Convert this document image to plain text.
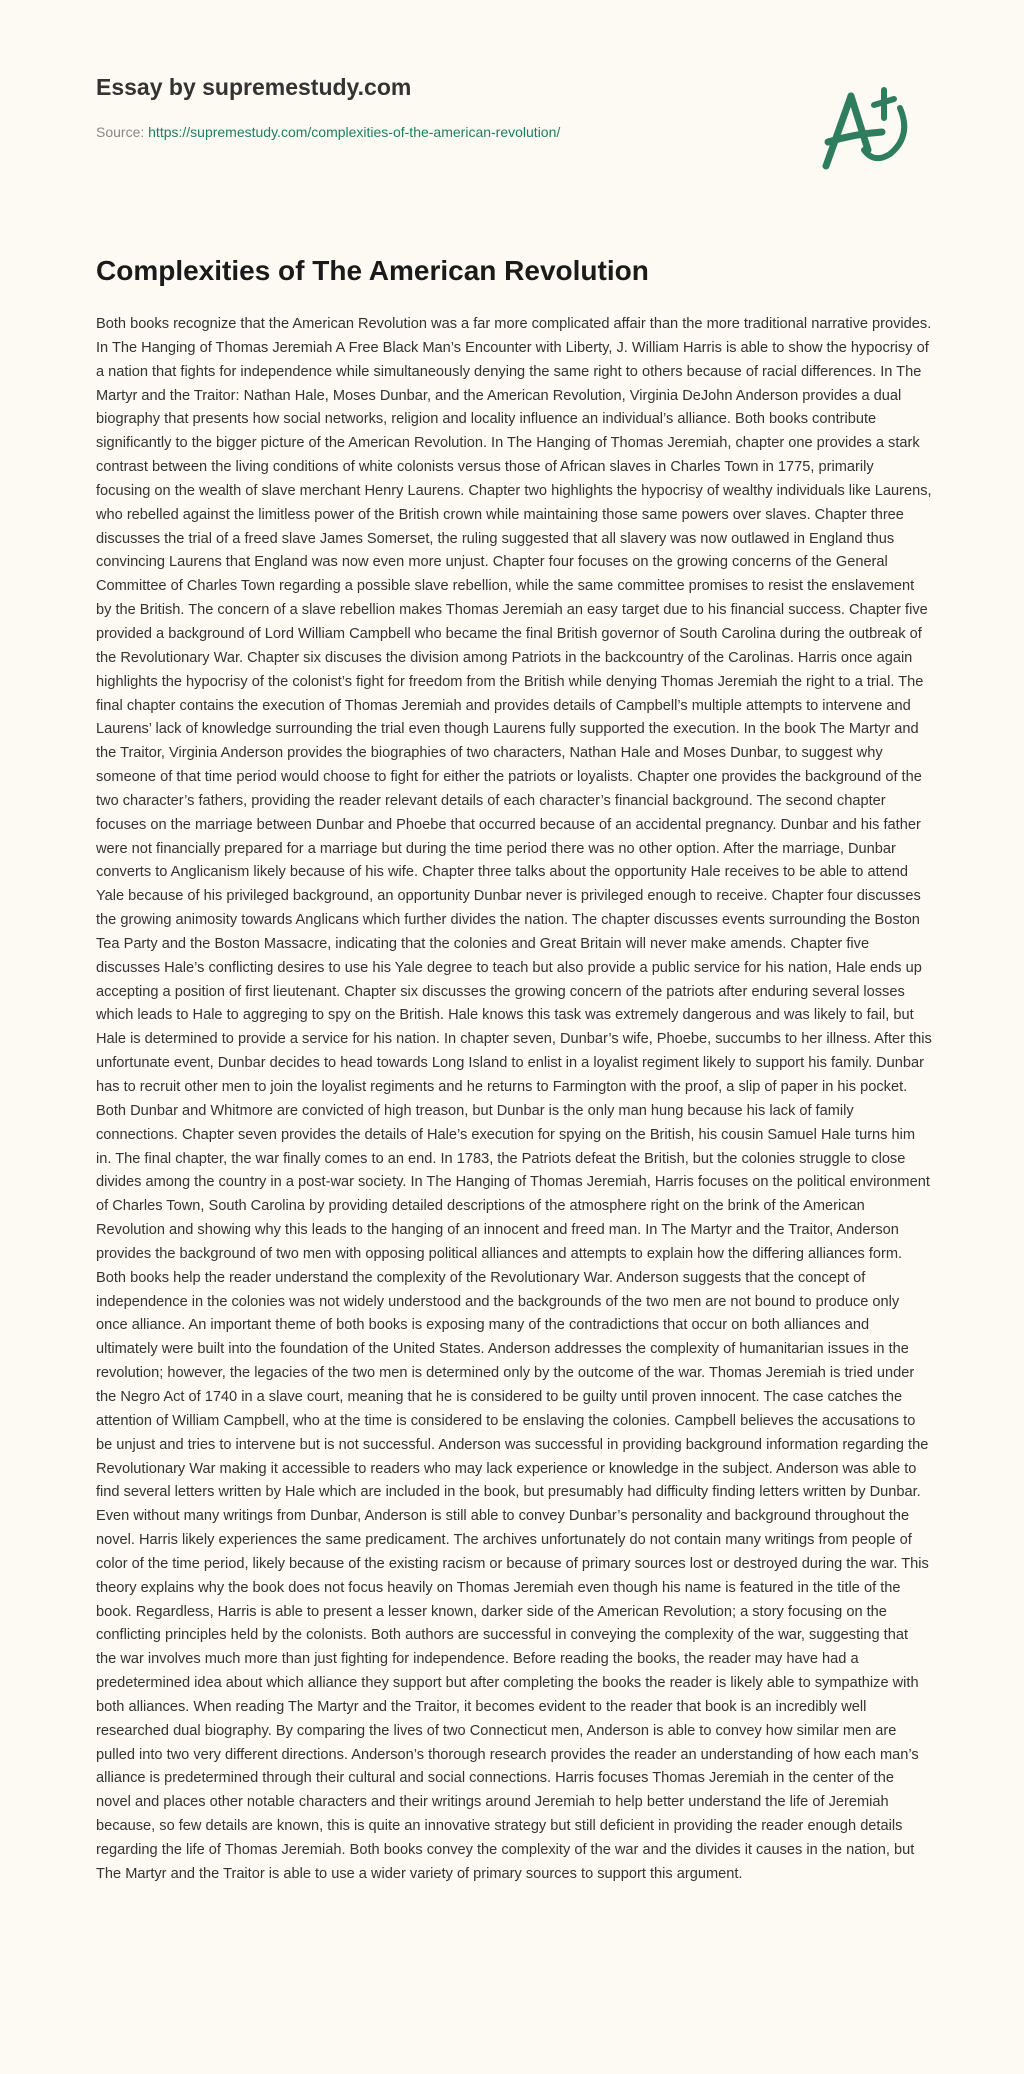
Essay by supremestudy.com
Source: https://supremestudy.com/complexities-of-the-american-revolution/
Complexities of The American Revolution

Both books recognize that the American Revolution was a far more complicated affair than the more traditional narrative provides. In The Hanging of Thomas Jeremiah A Free Black Man’s Encounter with Liberty, J. William Harris is able to show the hypocrisy of a nation that fights for independence while simultaneously denying the same right to others because of racial differences. In The Martyr and the Traitor: Nathan Hale, Moses Dunbar, and the American Revolution, Virginia DeJohn Anderson provides a dual biography that presents how social networks, religion and locality influence an individual’s alliance. Both books contribute significantly to the bigger picture of the American Revolution. In The Hanging of Thomas Jeremiah, chapter one provides a stark contrast between the living conditions of white colonists versus those of African slaves in Charles Town in 1775, primarily focusing on the wealth of slave merchant Henry Laurens. Chapter two highlights the hypocrisy of wealthy individuals like Laurens, who rebelled against the limitless power of the British crown while maintaining those same powers over slaves. Chapter three discusses the trial of a freed slave James Somerset, the ruling suggested that all slavery was now outlawed in England thus convincing Laurens that England was now even more unjust. Chapter four focuses on the growing concerns of the General Committee of Charles Town regarding a possible slave rebellion, while the same committee promises to resist the enslavement by the British. The concern of a slave rebellion makes Thomas Jeremiah an easy target due to his financial success. Chapter five provided a background of Lord William Campbell who became the final British governor of South Carolina during the outbreak of the Revolutionary War. Chapter six discuses the division among Patriots in the backcountry of the Carolinas. Harris once again highlights the hypocrisy of the colonist’s fight for freedom from the British while denying Thomas Jeremiah the right to a trial. The final chapter contains the execution of Thomas Jeremiah and provides details of Campbell’s multiple attempts to intervene and Laurens’ lack of knowledge surrounding the trial even though Laurens fully supported the execution. In the book The Martyr and the Traitor, Virginia Anderson provides the biographies of two characters, Nathan Hale and Moses Dunbar, to suggest why someone of that time period would choose to fight for either the patriots or loyalists. Chapter one provides the background of the two character’s fathers, providing the reader relevant details of each character’s financial background. The second chapter focuses on the marriage between Dunbar and Phoebe that occurred because of an accidental pregnancy. Dunbar and his father were not financially prepared for a marriage but during the time period there was no other option. After the marriage, Dunbar converts to Anglicanism likely because of his wife. Chapter three talks about the opportunity Hale receives to be able to attend Yale because of his privileged background, an opportunity Dunbar never is privileged enough to receive. Chapter four discusses the growing animosity towards Anglicans which further divides the nation. The chapter discusses events surrounding the Boston Tea Party and the Boston Massacre, indicating that the colonies and Great Britain will never make amends. Chapter five discusses Hale’s conflicting desires to use his Yale degree to teach but also provide a public service for his nation, Hale ends up accepting a position of first lieutenant. Chapter six discusses the growing concern of the patriots after enduring several losses which leads to Hale to aggreging to spy on the British. Hale knows this task was extremely dangerous and was likely to fail, but Hale is determined to provide a service for his nation. In chapter seven, Dunbar’s wife, Phoebe, succumbs to her illness. After this unfortunate event, Dunbar decides to head towards Long Island to enlist in a loyalist regiment likely to support his family. Dunbar has to recruit other men to join the loyalist regiments and he returns to Farmington with the proof, a slip of paper in his pocket. Both Dunbar and Whitmore are convicted of high treason, but Dunbar is the only man hung because his lack of family connections. Chapter seven provides the details of Hale’s execution for spying on the British, his cousin Samuel Hale turns him in. The final chapter, the war finally comes to an end. In 1783, the Patriots defeat the British, but the colonies struggle to close divides among the country in a post-war society. In The Hanging of Thomas Jeremiah, Harris focuses on the political environment of Charles Town, South Carolina by providing detailed descriptions of the atmosphere right on the brink of the American Revolution and showing why this leads to the hanging of an innocent and freed man. In The Martyr and the Traitor, Anderson provides the background of two men with opposing political alliances and attempts to explain how the differing alliances form. Both books help the reader understand the complexity of the Revolutionary War. Anderson suggests that the concept of independence in the colonies was not widely understood and the backgrounds of the two men are not bound to produce only once alliance. An important theme of both books is exposing many of the contradictions that occur on both alliances and ultimately were built into the foundation of the United States. Anderson addresses the complexity of humanitarian issues in the revolution; however, the legacies of the two men is determined only by the outcome of the war. Thomas Jeremiah is tried under the Negro Act of 1740 in a slave court, meaning that he is considered to be guilty until proven innocent. The case catches the attention of William Campbell, who at the time is considered to be enslaving the colonies. Campbell believes the accusations to be unjust and tries to intervene but is not successful. Anderson was successful in providing background information regarding the Revolutionary War making it accessible to readers who may lack experience or knowledge in the subject. Anderson was able to find several letters written by Hale which are included in the book, but presumably had difficulty finding letters written by Dunbar. Even without many writings from Dunbar, Anderson is still able to convey Dunbar’s personality and background throughout the novel. Harris likely experiences the same predicament. The archives unfortunately do not contain many writings from people of color of the time period, likely because of the existing racism or because of primary sources lost or destroyed during the war. This theory explains why the book does not focus heavily on Thomas Jeremiah even though his name is featured in the title of the book. Regardless, Harris is able to present a lesser known, darker side of the American Revolution; a story focusing on the conflicting principles held by the colonists. Both authors are successful in conveying the complexity of the war, suggesting that the war involves much more than just fighting for independence. Before reading the books, the reader may have had a predetermined idea about which alliance they support but after completing the books the reader is likely able to sympathize with both alliances. When reading The Martyr and the Traitor, it becomes evident to the reader that book is an incredibly well researched dual biography. By comparing the lives of two Connecticut men, Anderson is able to convey how similar men are pulled into two very different directions. Anderson’s thorough research provides the reader an understanding of how each man’s alliance is predetermined through their cultural and social connections. Harris focuses Thomas Jeremiah in the center of the novel and places other notable characters and their writings around Jeremiah to help better understand the life of Jeremiah because, so few details are known, this is quite an innovative strategy but still deficient in providing the reader enough details regarding the life of Thomas Jeremiah. Both books convey the complexity of the war and the divides it causes in the nation, but The Martyr and the Traitor is able to use a wider variety of primary sources to support this argument.
